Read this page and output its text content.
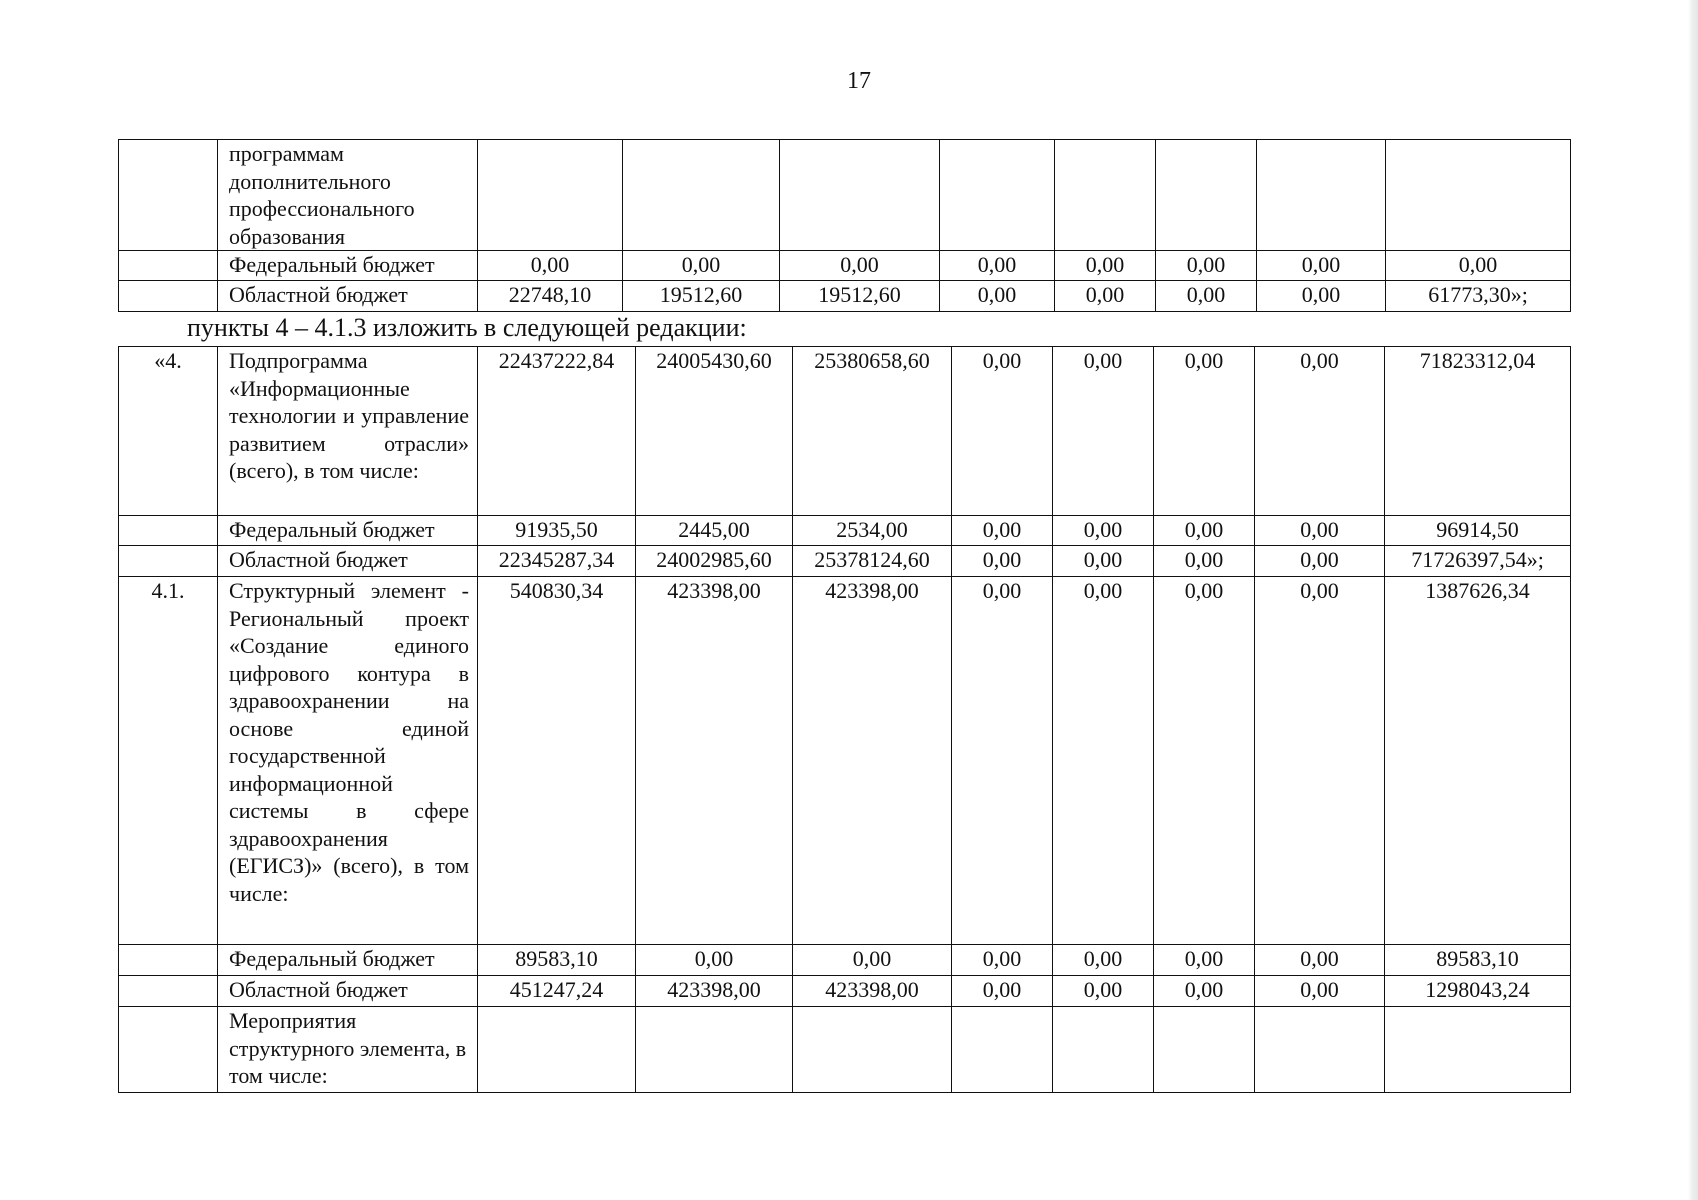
17
	программам дополнительного профессионального образования								
	Федеральный бюджет	0,00	0,00	0,00	0,00	0,00	0,00	0,00	0,00
	Областной бюджет	22748,10	19512,60	19512,60	0,00	0,00	0,00	0,00	61773,30»;
пункты 4 – 4.1.3 изложить в следующей редакции:
«4.	Подпрограмма «Информационные технологии и управление развитием отрасли» (всего), в том числе:	22437222,84	24005430,60	25380658,60	0,00	0,00	0,00	0,00	71823312,04
	Федеральный бюджет	91935,50	2445,00	2534,00	0,00	0,00	0,00	0,00	96914,50
	Областной бюджет	22345287,34	24002985,60	25378124,60	0,00	0,00	0,00	0,00	71726397,54»;
4.1.	Структурный элемент - Региональный проект «Создание единого цифрового контура в здравоохранении на основе единой государственной информационной системы в сфере здравоохранения (ЕГИСЗ)» (всего), в том числе:	540830,34	423398,00	423398,00	0,00	0,00	0,00	0,00	1387626,34
	Федеральный бюджет	89583,10	0,00	0,00	0,00	0,00	0,00	0,00	89583,10
	Областной бюджет	451247,24	423398,00	423398,00	0,00	0,00	0,00	0,00	1298043,24
	Мероприятия структурного элемента, в том числе:								
